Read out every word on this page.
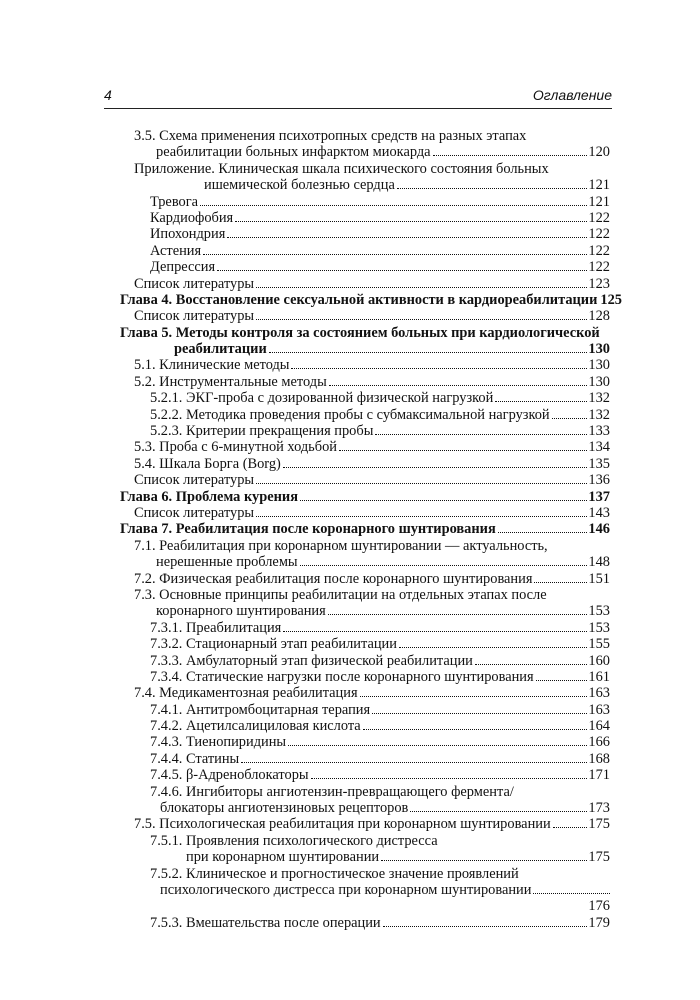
4	Оглавление
3.5. Схема применения психотропных средств на разных этапах
реабилитации больных инфарктом миокарда	120
Приложение. Клиническая шкала психического состояния больных
ишемической болезнью сердца	121
Тревога	121
Кардиофобия	122
Ипохондрия	122
Астения	122
Депрессия	122
Список литературы	123
Глава 4. Восстановление сексуальной активности в кардиореабилитации 125
Список литературы	128
Глава 5. Методы контроля за состоянием больных при кардиологической
реабилитации	130
5.1. Клинические методы	130
5.2. Инструментальные методы	130
5.2.1. ЭКГ-проба с дозированной физической нагрузкой	132
5.2.2. Методика проведения пробы с субмаксимальной нагрузкой	132
5.2.3. Критерии прекращения пробы	133
5.3. Проба с 6-минутной ходьбой	134
5.4. Шкала Борга (Borg)	135
Список литературы	136
Глава 6. Проблема курения	137
Список литературы	143
Глава 7. Реабилитация после коронарного шунтирования	146
7.1. Реабилитация при коронарном шунтировании — актуальность,
нерешенные проблемы	148
7.2. Физическая реабилитация после коронарного шунтирования	151
7.3. Основные принципы реабилитации на отдельных этапах после
коронарного шунтирования	153
7.3.1. Преабилитация	153
7.3.2. Стационарный этап реабилитации	155
7.3.3. Амбулаторный этап физической реабилитации	160
7.3.4. Статические нагрузки после коронарного шунтирования	161
7.4. Медикаментозная реабилитация	163
7.4.1. Антитромбоцитарная терапия	163
7.4.2. Ацетилсалициловая кислота	164
7.4.3. Тиенопиридины	166
7.4.4. Статины	168
7.4.5. β-Адреноблокаторы	171
7.4.6. Ингибиторы ангиотензин-превращающего фермента/
блокаторы ангиотензиновых рецепторов	173
7.5. Психологическая реабилитация при коронарном шунтировании	175
7.5.1. Проявления психологического дистресса
при коронарном шунтировании	175
7.5.2. Клиническое и прогностическое значение проявлений
психологического дистресса при коронарном шунтировании
176
7.5.3. Вмешательства после операции	179
